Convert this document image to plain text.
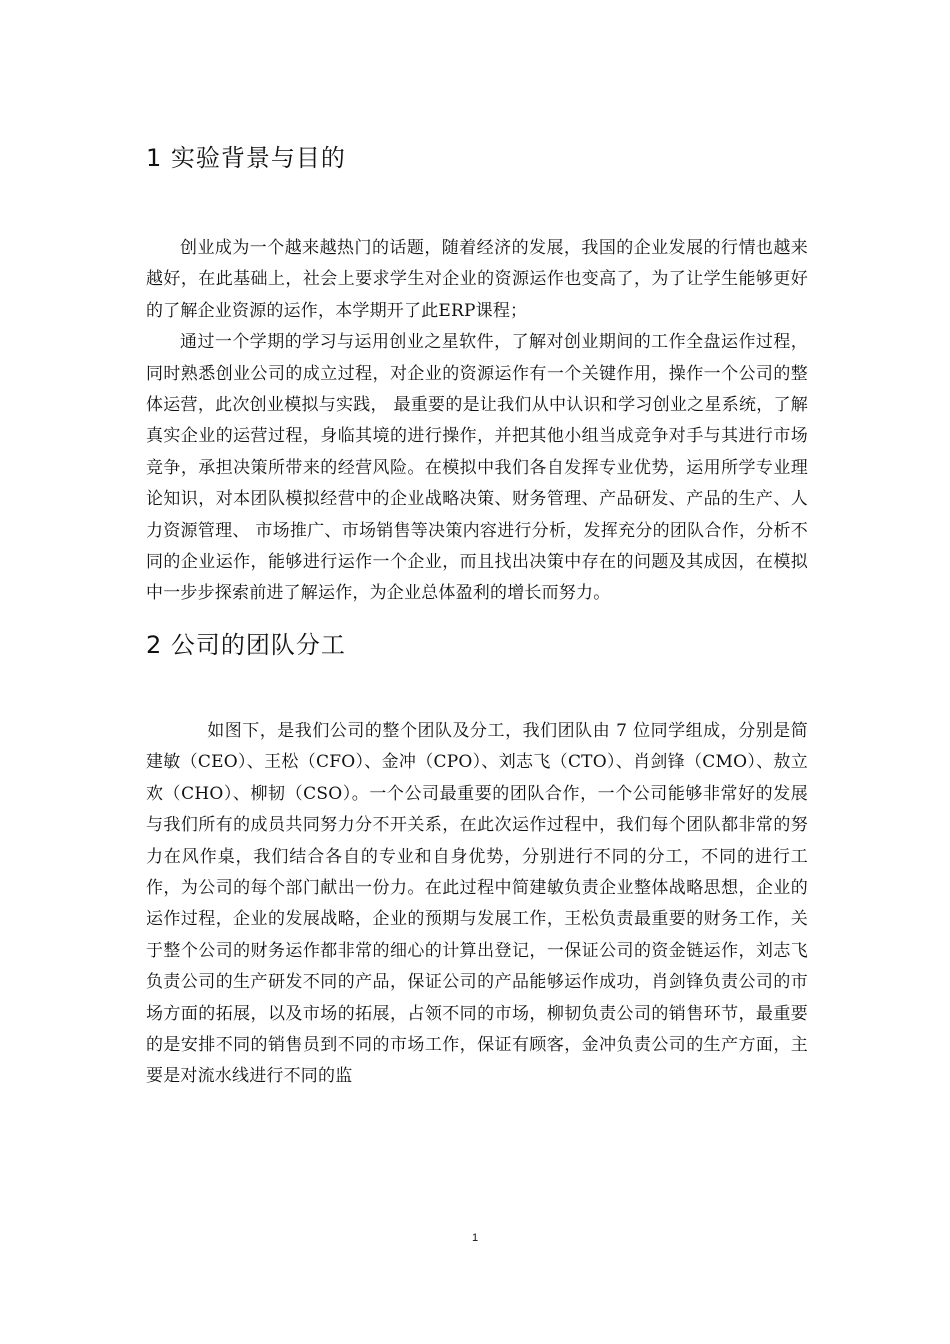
1 实验背景与目的

创业成为一个越来越热门的话题，随着经济的发展，我国的企业发展的行情也越来越好，在此基础上，社会上要求学生对企业的资源运作也变高了，为了让学生能够更好的了解企业资源的运作，本学期开了此ERP课程；

通过一个学期的学习与运用创业之星软件，了解对创业期间的工作全盘运作过程，同时熟悉创业公司的成立过程，对企业的资源运作有一个关键作用，操作一个公司的整体运营，此次创业模拟与实践， 最重要的是让我们从中认识和学习创业之星系统，了解真实企业的运营过程，身临其境的进行操作，并把其他小组当成竞争对手与其进行市场竞争，承担决策所带来的经营风险。在模拟中我们各自发挥专业优势，运用所学专业理论知识，对本团队模拟经营中的企业战略决策、财务管理、产品研发、产品的生产、人力资源管理、 市场推广、市场销售等决策内容进行分析，发挥充分的团队合作，分析不同的企业运作，能够进行运作一个企业，而且找出决策中存在的问题及其成因，在模拟中一步步探索前进了解运作，为企业总体盈利的增长而努力。

2 公司的团队分工

如图下，是我们公司的整个团队及分工，我们团队由 7 位同学组成，分别是简建敏（CEO）、王松（CFO）、金冲（CPO）、刘志飞（CTO）、肖剑锋（CMO）、敖立欢（CHO）、柳韧（CSO）。一个公司最重要的团队合作，一个公司能够非常好的发展与我们所有的成员共同努力分不开关系，在此次运作过程中，我们每个团队都非常的努力在风作桌，我们结合各自的专业和自身优势，分别进行不同的分工，不同的进行工作，为公司的每个部门献出一份力。在此过程中简建敏负责企业整体战略思想，企业的运作过程，企业的发展战略，企业的预期与发展工作，王松负责最重要的财务工作，关于整个公司的财务运作都非常的细心的计算出登记，一保证公司的资金链运作，刘志飞负责公司的生产研发不同的产品，保证公司的产品能够运作成功，肖剑锋负责公司的市场方面的拓展，以及市场的拓展，占领不同的市场，柳韧负责公司的销售环节，最重要的是安排不同的销售员到不同的市场工作，保证有顾客，金冲负责公司的生产方面，主要是对流水线进行不同的监

1
